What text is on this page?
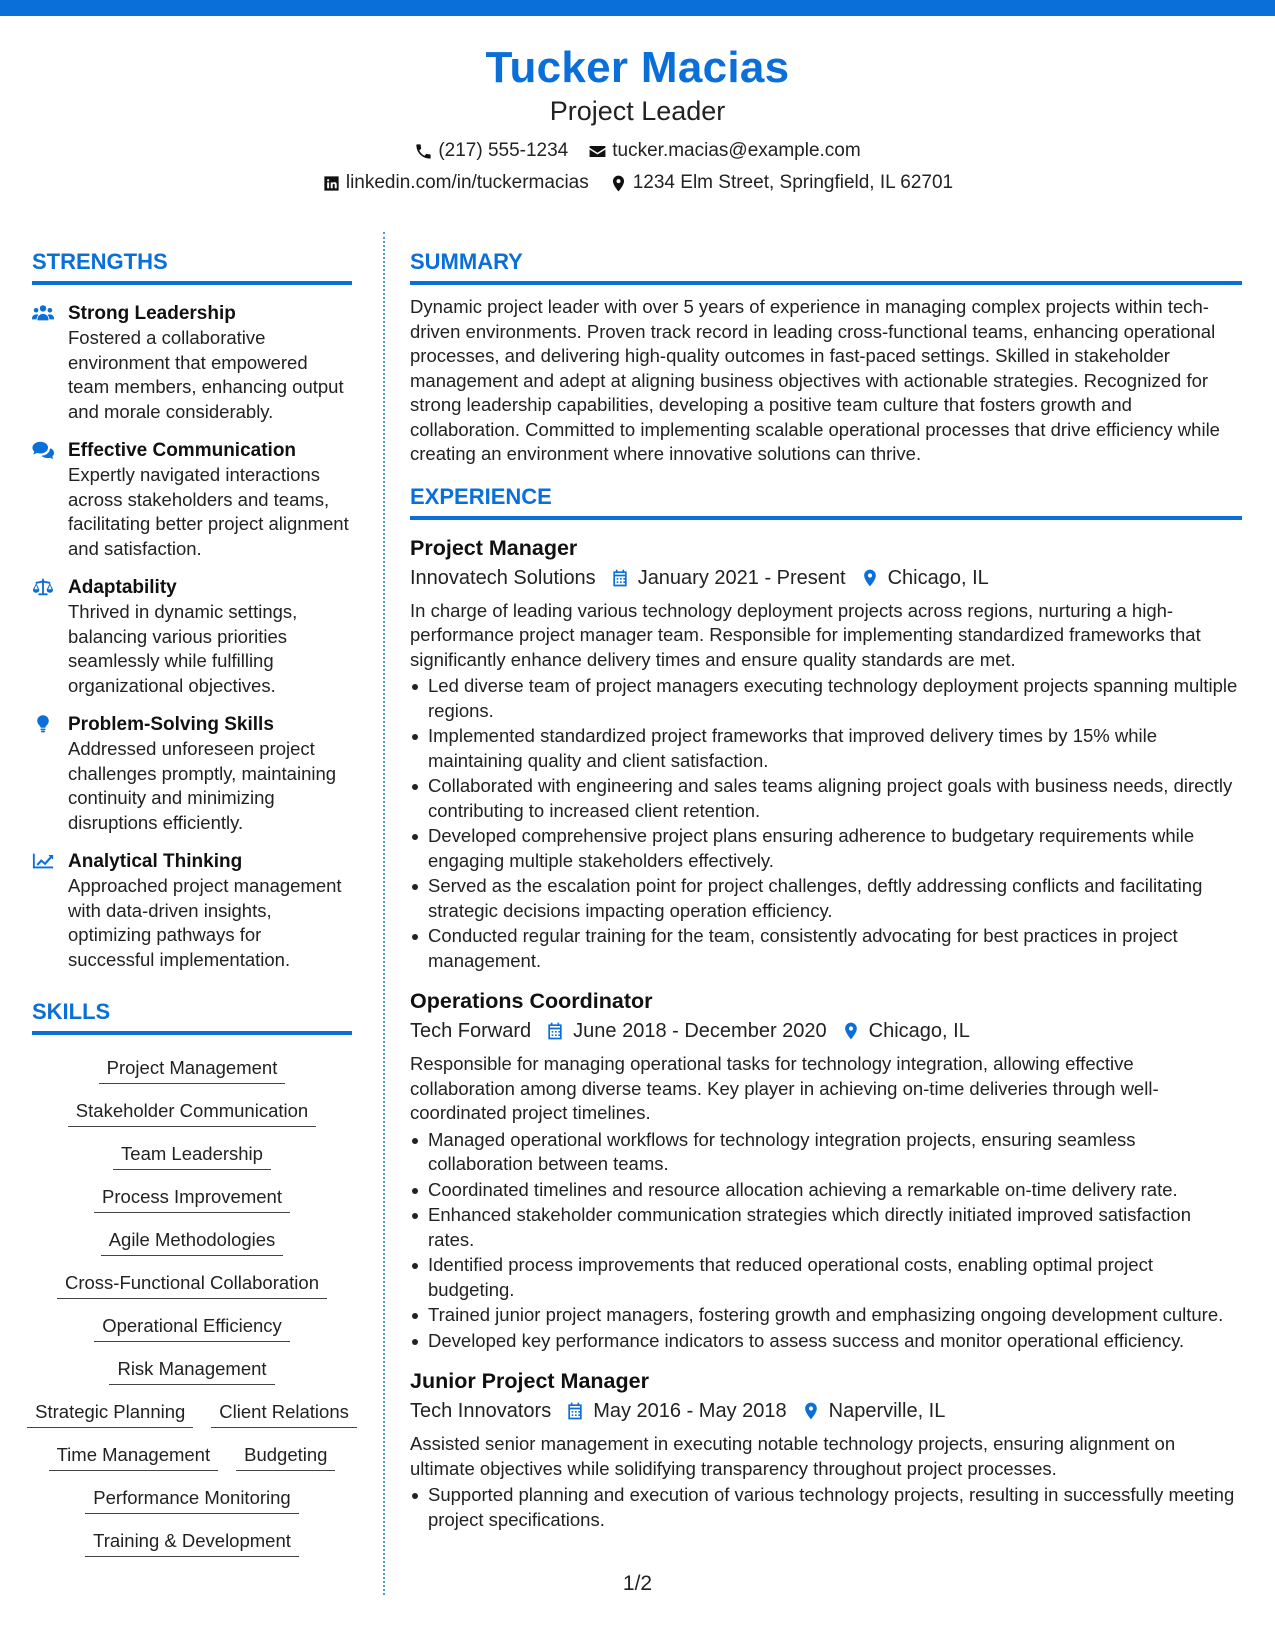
Tucker Macias
Project Leader
(217) 555-1234 tucker.macias@example.com
linkedin.com/in/tuckermacias 1234 Elm Street, Springfield, IL 62701
STRENGTHS
Strong Leadership
Fostered a collaborative environment that empowered team members, enhancing output and morale considerably.
Effective Communication
Expertly navigated interactions across stakeholders and teams, facilitating better project alignment and satisfaction.
Adaptability
Thrived in dynamic settings, balancing various priorities seamlessly while fulfilling organizational objectives.
Problem-Solving Skills
Addressed unforeseen project challenges promptly, maintaining continuity and minimizing disruptions efficiently.
Analytical Thinking
Approached project management with data-driven insights, optimizing pathways for successful implementation.
SKILLS
Project Management
Stakeholder Communication
Team Leadership
Process Improvement
Agile Methodologies
Cross-Functional Collaboration
Operational Efficiency
Risk Management
Strategic Planning	Client Relations
Time Management	Budgeting
Performance Monitoring
Training & Development
SUMMARY
Dynamic project leader with over 5 years of experience in managing complex projects within tech-driven environments. Proven track record in leading cross-functional teams, enhancing operational processes, and delivering high-quality outcomes in fast-paced settings. Skilled in stakeholder management and adept at aligning business objectives with actionable strategies. Recognized for strong leadership capabilities, developing a positive team culture that fosters growth and collaboration. Committed to implementing scalable operational processes that drive efficiency while creating an environment where innovative solutions can thrive.
EXPERIENCE
Project Manager
Innovatech Solutions January 2021 - Present Chicago, IL
In charge of leading various technology deployment projects across regions, nurturing a high-performance project manager team. Responsible for implementing standardized frameworks that significantly enhance delivery times and ensure quality standards are met.
Led diverse team of project managers executing technology deployment projects spanning multiple regions.
Implemented standardized project frameworks that improved delivery times by 15% while maintaining quality and client satisfaction.
Collaborated with engineering and sales teams aligning project goals with business needs, directly contributing to increased client retention.
Developed comprehensive project plans ensuring adherence to budgetary requirements while engaging multiple stakeholders effectively.
Served as the escalation point for project challenges, deftly addressing conflicts and facilitating strategic decisions impacting operation efficiency.
Conducted regular training for the team, consistently advocating for best practices in project management.
Operations Coordinator
Tech Forward June 2018 - December 2020 Chicago, IL
Responsible for managing operational tasks for technology integration, allowing effective collaboration among diverse teams. Key player in achieving on-time deliveries through well-coordinated project timelines.
Managed operational workflows for technology integration projects, ensuring seamless collaboration between teams.
Coordinated timelines and resource allocation achieving a remarkable on-time delivery rate.
Enhanced stakeholder communication strategies which directly initiated improved satisfaction rates.
Identified process improvements that reduced operational costs, enabling optimal project budgeting.
Trained junior project managers, fostering growth and emphasizing ongoing development culture.
Developed key performance indicators to assess success and monitor operational efficiency.
Junior Project Manager
Tech Innovators May 2016 - May 2018 Naperville, IL
Assisted senior management in executing notable technology projects, ensuring alignment on ultimate objectives while solidifying transparency throughout project processes.
Supported planning and execution of various technology projects, resulting in successfully meeting project specifications.
1/2
